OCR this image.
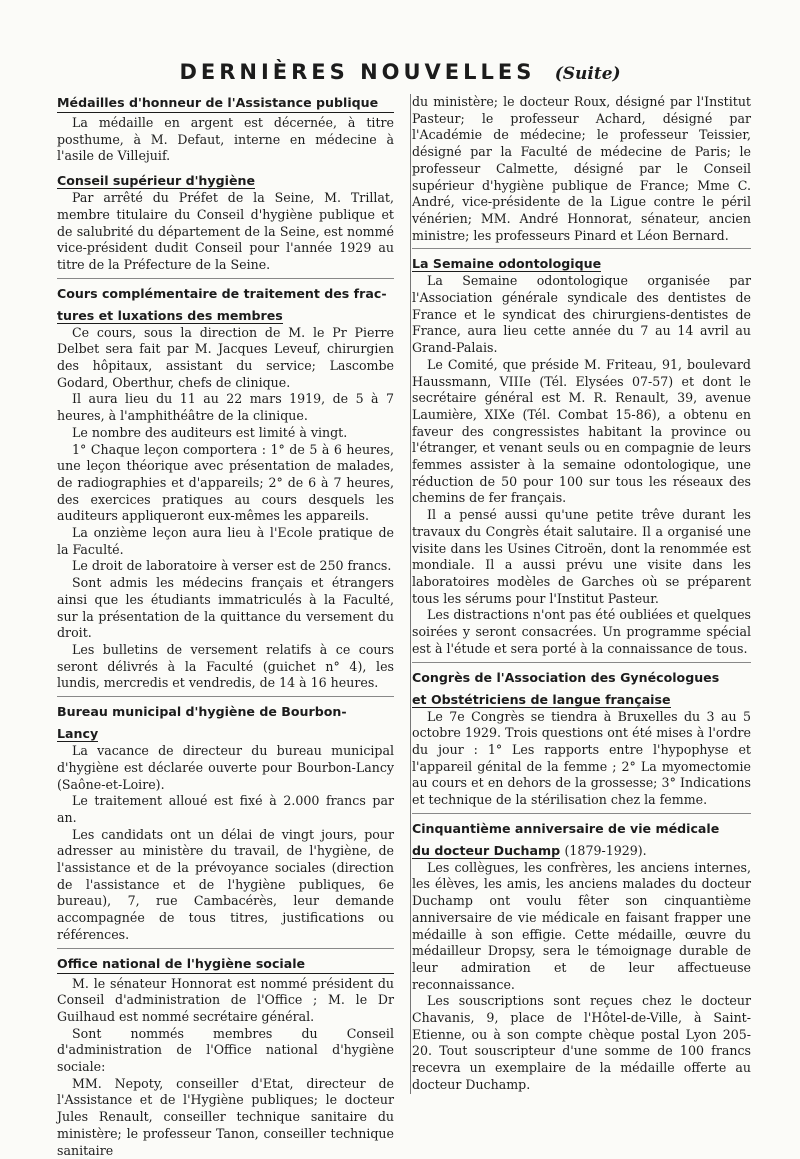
DERNIÈRES NOUVELLES (Suite)
Médailles d'honneur de l'Assistance publique

La médaille en argent est décernée, à titre posthume, à M. Defaut, interne en médecine à l'asile de Villejuif.

Conseil supérieur d'hygiène

Par arrêté du Préfet de la Seine, M. Trillat, membre titulaire du Conseil d'hygiène publique et de salubrité du département de la Seine, est nommé vice-président dudit Conseil pour l'année 1929 au titre de la Préfecture de la Seine.

Cours complémentaire de traitement des frac-
tures et luxations des membres

Ce cours, sous la direction de M. le Pr Pierre Delbet sera fait par M. Jacques Leveuf, chirurgien des hôpitaux, assistant du service; Lascombe Godard, Oberthur, chefs de clinique.

Il aura lieu du 11 au 22 mars 1919, de 5 à 7 heures, à l'amphithéâtre de la clinique.

Le nombre des auditeurs est limité à vingt.

1° Chaque leçon comportera : 1° de 5 à 6 heures, une leçon théorique avec présentation de malades, de radiographies et d'appareils; 2° de 6 à 7 heures, des exercices pratiques au cours desquels les auditeurs appliqueront eux-mêmes les appareils.

La onzième leçon aura lieu à l'Ecole pratique de la Faculté.

Le droit de laboratoire à verser est de 250 francs.

Sont admis les médecins français et étrangers ainsi que les étudiants immatriculés à la Faculté, sur la présentation de la quittance du versement du droit.

Les bulletins de versement relatifs à ce cours seront délivrés à la Faculté (guichet n° 4), les lundis, mercredis et vendredis, de 14 à 16 heures.

Bureau municipal d'hygiène de Bourbon-
Lancy

La vacance de directeur du bureau municipal d'hygiène est déclarée ouverte pour Bourbon-Lancy (Saône-et-Loire).

Le traitement alloué est fixé à 2.000 francs par an.

Les candidats ont un délai de vingt jours, pour adresser au ministère du travail, de l'hygiène, de l'assistance et de la prévoyance sociales (direction de l'assistance et de l'hygiène publiques, 6e bureau), 7, rue Cambacérès, leur demande accompagnée de tous titres, justifications ou références.

Office national de l'hygiène sociale

M. le sénateur Honnorat est nommé président du Conseil d'administration de l'Office ; M. le Dr Guilhaud est nommé secrétaire général.

Sont nommés membres du Conseil d'administration de l'Office national d'hygiène sociale:

MM. Nepoty, conseiller d'Etat, directeur de l'Assistance et de l'Hygiène publiques; le docteur Jules Renault, conseiller technique sanitaire du ministère; le professeur Tanon, conseiller technique sanitaire

du ministère; le docteur Roux, désigné par l'Institut Pasteur; le professeur Achard, désigné par l'Académie de médecine; le professeur Teissier, désigné par la Faculté de médecine de Paris; le professeur Calmette, désigné par le Conseil supérieur d'hygiène publique de France; Mme C. André, vice-présidente de la Ligue contre le péril vénérien; MM. André Honnorat, sénateur, ancien ministre; les professeurs Pinard et Léon Bernard.

La Semaine odontologique

La Semaine odontologique organisée par l'Association générale syndicale des dentistes de France et le syndicat des chirurgiens-dentistes de France, aura lieu cette année du 7 au 14 avril au Grand-Palais.

Le Comité, que préside M. Friteau, 91, boulevard Haussmann, VIIIe (Tél. Elysées 07-57) et dont le secrétaire général est M. R. Renault, 39, avenue Laumière, XIXe (Tél. Combat 15-86), a obtenu en faveur des congressistes habitant la province ou l'étranger, et venant seuls ou en compagnie de leurs femmes assister à la semaine odontologique, une réduction de 50 pour 100 sur tous les réseaux des chemins de fer français.

Il a pensé aussi qu'une petite trêve durant les travaux du Congrès était salutaire. Il a organisé une visite dans les Usines Citroën, dont la renommée est mondiale. Il a aussi prévu une visite dans les laboratoires modèles de Garches où se préparent tous les sérums pour l'Institut Pasteur.

Les distractions n'ont pas été oubliées et quelques soirées y seront consacrées. Un programme spécial est à l'étude et sera porté à la connaissance de tous.

Congrès de l'Association des Gynécologues
et Obstétriciens de langue française

Le 7e Congrès se tiendra à Bruxelles du 3 au 5 octobre 1929. Trois questions ont été mises à l'ordre du jour : 1° Les rapports entre l'hypophyse et l'appareil génital de la femme ; 2° La myomectomie au cours et en dehors de la grossesse; 3° Indications et technique de la stérilisation chez la femme.

Cinquantième anniversaire de vie médicale
du docteur Duchamp (1879-1929).

Les collègues, les confrères, les anciens internes, les élèves, les amis, les anciens malades du docteur Duchamp ont voulu fêter son cinquantième anniversaire de vie médicale en faisant frapper une médaille à son effigie. Cette médaille, œuvre du médailleur Dropsy, sera le témoignage durable de leur admiration et de leur affectueuse reconnaissance.

Les souscriptions sont reçues chez le docteur Chavanis, 9, place de l'Hôtel-de-Ville, à Saint-Etienne, ou à son compte chèque postal Lyon 205-20. Tout souscripteur d'une somme de 100 francs recevra un exemplaire de la médaille offerte au docteur Duchamp.
